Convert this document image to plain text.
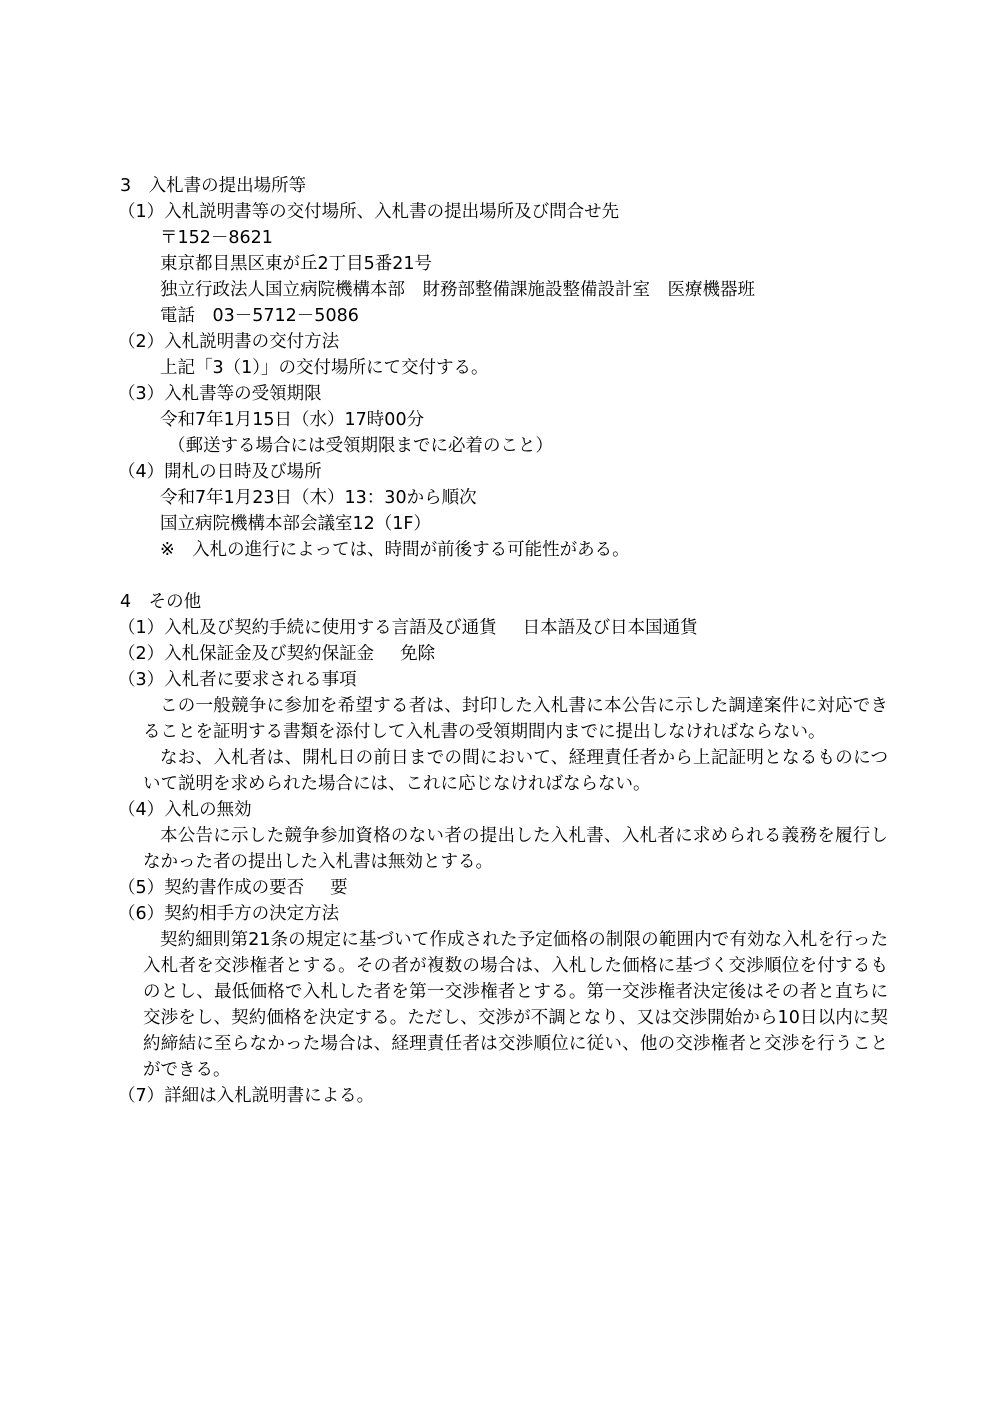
3　入札書の提出場所等
（1）入札説明書等の交付場所、入札書の提出場所及び問合せ先
〒152－8621
東京都目黒区東が丘2丁目5番21号
独立行政法人国立病院機構本部　財務部整備課施設整備設計室　医療機器班
電話　03－5712－5086
（2）入札説明書の交付方法
上記「3（1）」の交付場所にて交付する。
（3）入札書等の受領期限
令和7年1月15日（水）17時00分
（郵送する場合には受領期限までに必着のこと）
（4）開札の日時及び場所
令和7年1月23日（木）13：30から順次
国立病院機構本部会議室12（1F）
※　入札の進行によっては、時間が前後する可能性がある。
4　その他
（1）入札及び契約手続に使用する言語及び通貨 日本語及び日本国通貨
（2）入札保証金及び契約保証金 免除
（3）入札者に要求される事項
この一般競争に参加を希望する者は、封印した入札書に本公告に示した調達案件に対応できることを証明する書類を添付して入札書の受領期間内までに提出しなければならない。
なお、入札者は、開札日の前日までの間において、経理責任者から上記証明となるものについて説明を求められた場合には、これに応じなければならない。
（4）入札の無効
本公告に示した競争参加資格のない者の提出した入札書、入札者に求められる義務を履行しなかった者の提出した入札書は無効とする。
（5）契約書作成の要否 要
（6）契約相手方の決定方法
契約細則第21条の規定に基づいて作成された予定価格の制限の範囲内で有効な入札を行った入札者を交渉権者とする。その者が複数の場合は、入札した価格に基づく交渉順位を付するものとし、最低価格で入札した者を第一交渉権者とする。第一交渉権者決定後はその者と直ちに交渉をし、契約価格を決定する。ただし、交渉が不調となり、又は交渉開始から10日以内に契約締結に至らなかった場合は、経理責任者は交渉順位に従い、他の交渉権者と交渉を行うことができる。
（7）詳細は入札説明書による。
